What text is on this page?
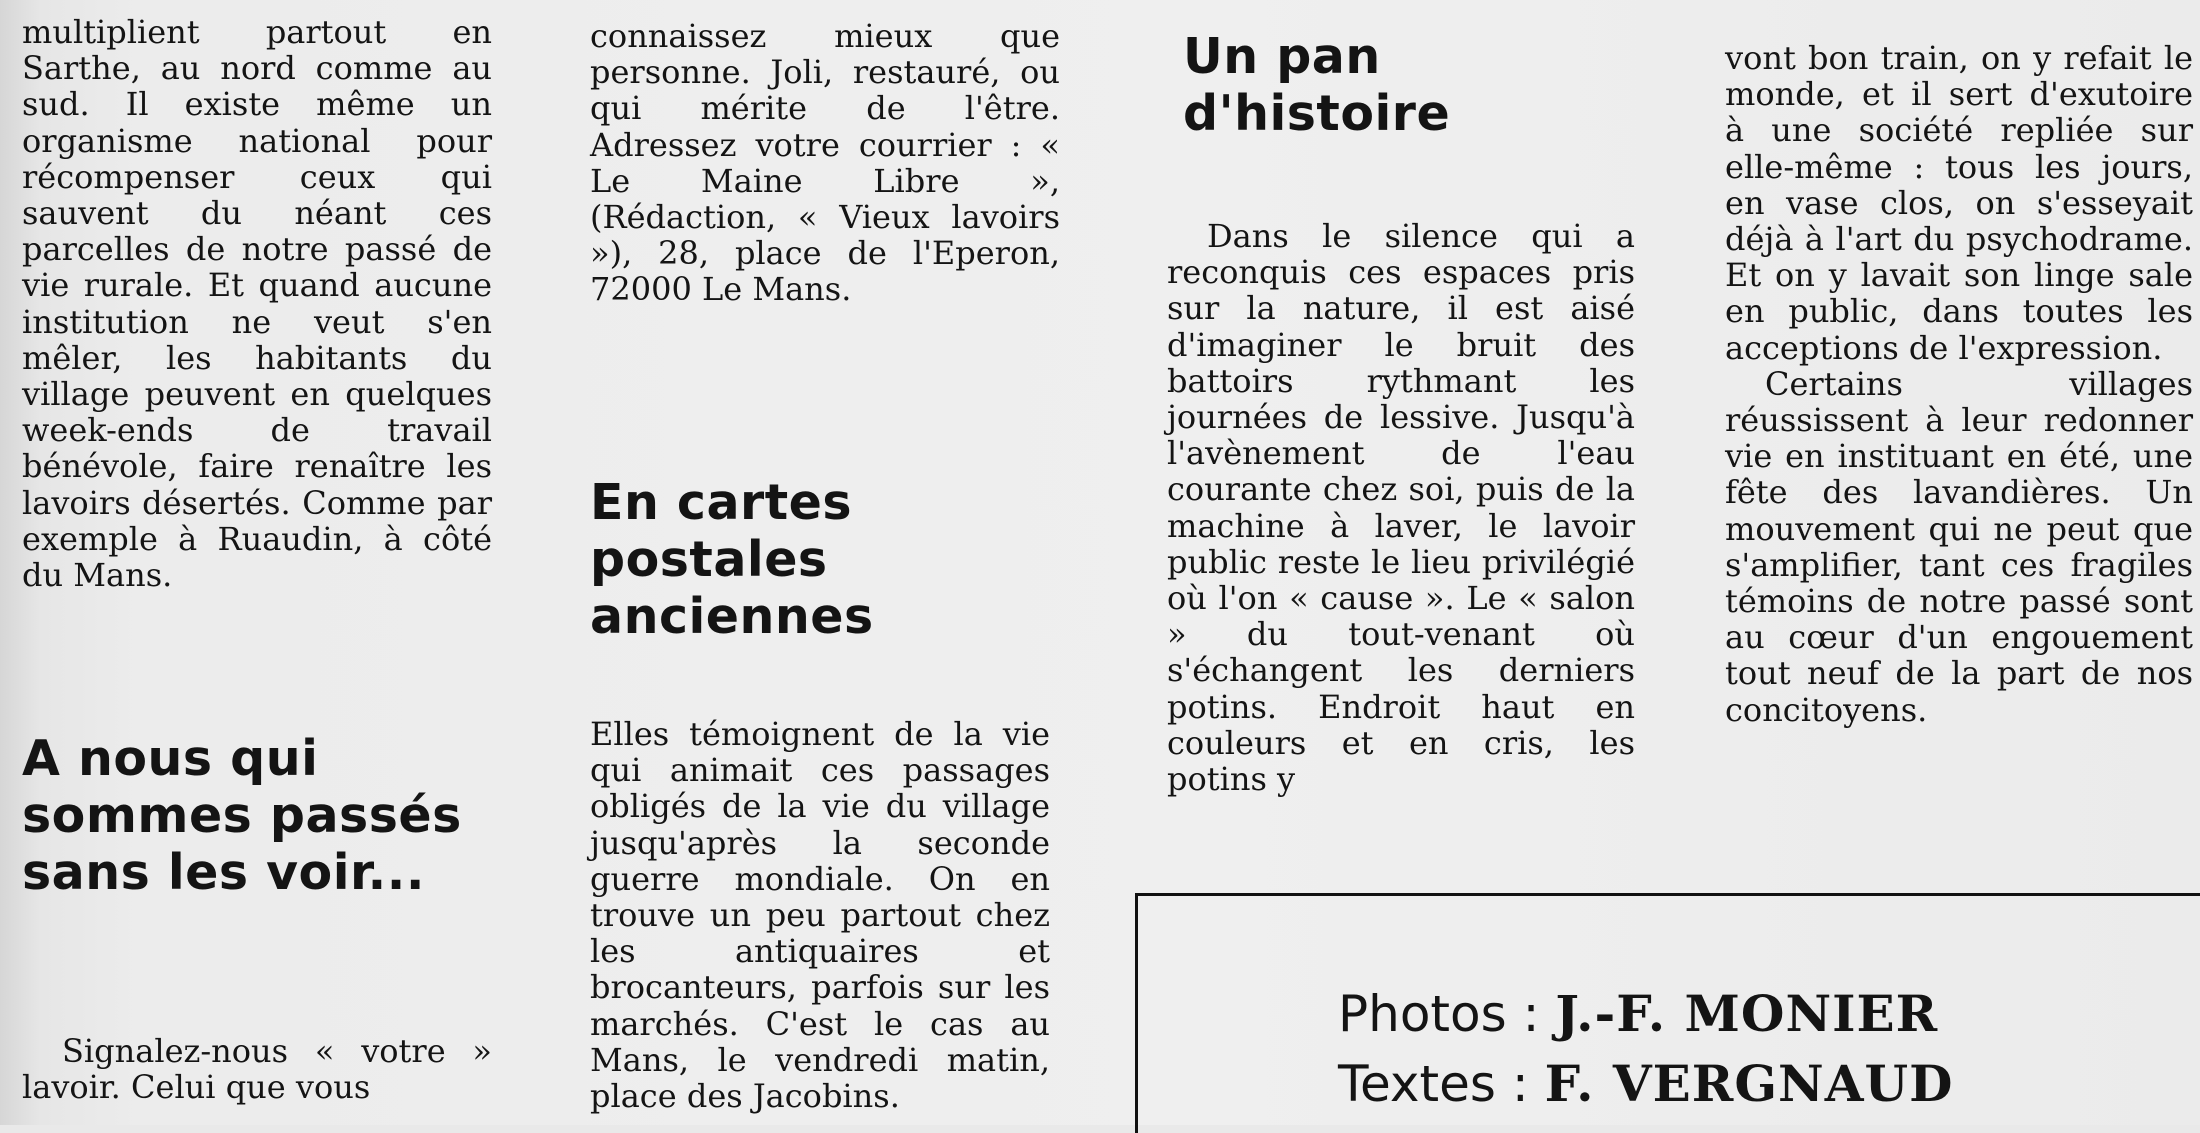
multiplient partout en Sarthe, au nord comme au sud. Il existe même un organisme national pour récompenser ceux qui sauvent du néant ces parcelles de notre passé de vie rurale. Et quand aucune institution ne veut s'en mêler, les habitants du village peuvent en quelques week-ends de travail bénévole, faire renaître les lavoirs désertés. Comme par exemple à Ruaudin, à côté du Mans.

A nous qui sommes passés sans les voir...

Signalez-nous « votre » lavoir. Celui que vous

connaissez mieux que personne. Joli, restauré, ou qui mérite de l'être. Adressez votre courrier : « Le Maine Libre », (Rédaction, « Vieux lavoirs »), 28, place de l'Eperon, 72000 Le Mans.

En cartes postales anciennes

Elles témoignent de la vie qui animait ces passages obligés de la vie du village jusqu'après la seconde guerre mondiale. On en trouve un peu partout chez les antiquaires et brocanteurs, parfois sur les marchés. C'est le cas au Mans, le vendredi matin, place des Jacobins.

Un pan d'histoire

Dans le silence qui a reconquis ces espaces pris sur la nature, il est aisé d'imaginer le bruit des battoirs rythmant les journées de lessive. Jusqu'à l'avènement de l'eau courante chez soi, puis de la machine à laver, le lavoir public reste le lieu privilégié où l'on « cause ». Le « salon » du tout-venant où s'échangent les derniers potins. Endroit haut en couleurs et en cris, les potins y

vont bon train, on y refait le monde, et il sert d'exutoire à une société repliée sur elle-même : tous les jours, en vase clos, on s'esseyait déjà à l'art du psychodrame. Et on y lavait son linge sale en public, dans toutes les acceptions de l'expression.

Certains villages réussissent à leur redonner vie en instituant en été, une fête des lavandières. Un mouvement qui ne peut que s'amplifier, tant ces fragiles témoins de notre passé sont au cœur d'un engouement tout neuf de la part de nos concitoyens.

Photos : J.-F. MONIER
Textes : F. VERGNAUD
